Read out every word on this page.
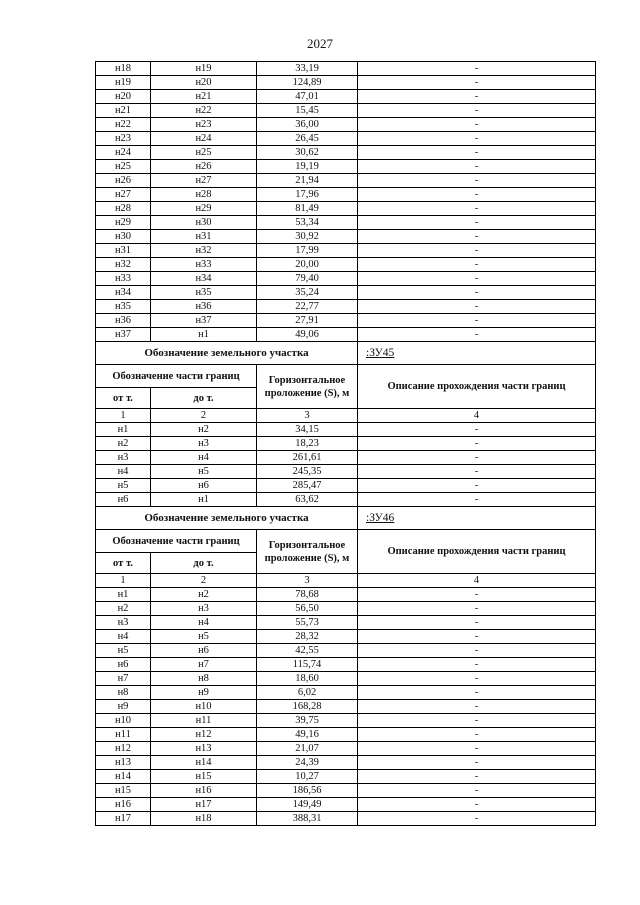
2027
н18	н19	33,19	-
н19	н20	124,89	-
н20	н21	47,01	-
н21	н22	15,45	-
н22	н23	36,00	-
н23	н24	26,45	-
н24	н25	30,62	-
н25	н26	19,19	-
н26	н27	21,94	-
н27	н28	17,96	-
н28	н29	81,49	-
н29	н30	53,34	-
н30	н31	30,92	-
н31	н32	17,99	-
н32	н33	20,00	-
н33	н34	79,40	-
н34	н35	35,24	-
н35	н36	22,77	-
н36	н37	27,91	-
н37	н1	49,06	-
Обозначение земельного участка			:ЗУ45
Обозначение части границ		Горизонтальное проложение (S), м	Описание прохождения части границ
от т.	до т.		
1	2	3	4
н1	н2	34,15	-
н2	н3	18,23	-
н3	н4	261,61	-
н4	н5	245,35	-
н5	н6	285,47	-
н6	н1	63,62	-
Обозначение земельного участка			:ЗУ46
Обозначение части границ		Горизонтальное проложение (S), м	Описание прохождения части границ
от т.	до т.		
1	2	3	4
н1	н2	78,68	-
н2	н3	56,50	-
н3	н4	55,73	-
н4	н5	28,32	-
н5	н6	42,55	-
н6	н7	115,74	-
н7	н8	18,60	-
н8	н9	6,02	-
н9	н10	168,28	-
н10	н11	39,75	-
н11	н12	49,16	-
н12	н13	21,07	-
н13	н14	24,39	-
н14	н15	10,27	-
н15	н16	186,56	-
н16	н17	149,49	-
н17	н18	388,31	-
